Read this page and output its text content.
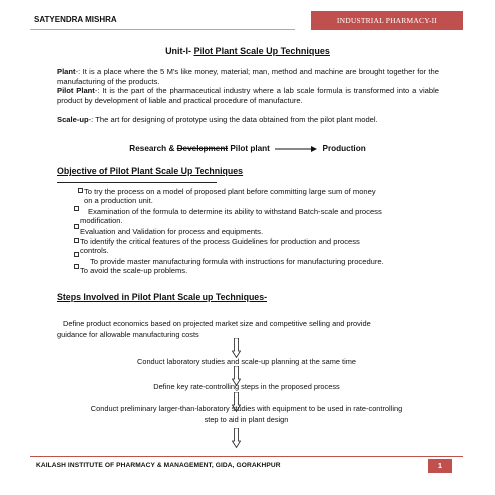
SATYENDRA MISHRA	INDUSTRIAL PHARMACY-II
Unit-I- Pilot Plant Scale Up Techniques
Plant-: It is a place where the 5 M's like money, material; man, method and machine are brought together for the manufacturing of the products.
Pilot Plant-: It is the part of the pharmaceutical industry where a lab scale formula is transformed into a viable product by development of liable and practical procedure of manufacture.
Scale-up-: The art for designing of prototype using the data obtained from the pilot plant model.
Research & Development Pilot plant	Production
Objective of Pilot Plant Scale Up Techniques
To try the process on a model of proposed plant before committing large sum of money
on a production unit.
Examination of the formula to determine its ability to withstand Batch-scale and process
modification.
Evaluation and Validation for process and equipments.
To identify the critical features of the process Guidelines for production and process
controls.
To provide master manufacturing formula with instructions for manufacturing procedure.
To avoid the scale-up problems.
Steps Involved in Pilot Plant Scale up Techniques-
Define product economics based on projected market size and competitive selling and provide
guidance for allowable manufacturing costs
Conduct laboratory studies and scale-up planning at the same time
Define key rate-controlling steps in the proposed process
Conduct preliminary larger-than-laboratory studies with equipment to be used in rate-controlling
step to aid in plant design
KAILASH INSTITUTE OF PHARMACY & MANAGEMENT, GIDA, GORAKHPUR	1
